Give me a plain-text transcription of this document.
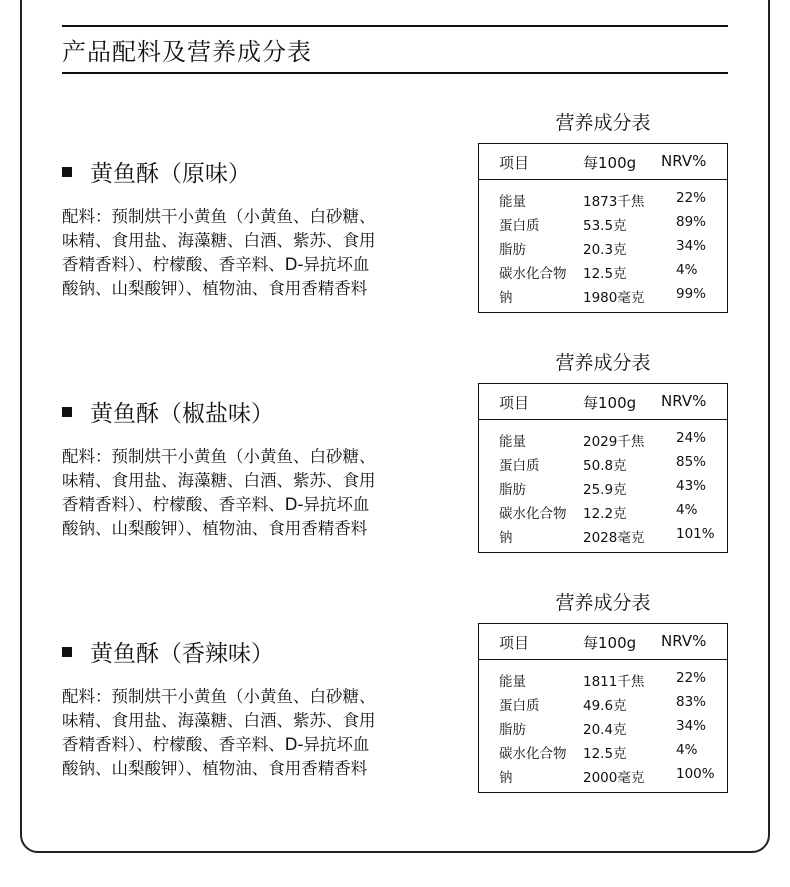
产品配料及营养成分表
黄鱼酥（原味）
配料：预制烘干小黄鱼（小黄鱼、白砂糖、
味精、食用盐、海藻糖、白酒、紫苏、食用
香精香料）、柠檬酸、香辛料、D-异抗坏血
酸钠、山梨酸钾）、植物油、食用香精香料
营养成分表
项目	每100g NRV%
能量	1873千焦 22%
蛋白质	53.5克	89%
脂肪	20.3克	34%
碳水化合物 12.5克	4%
钠	1980毫克 99%
黄鱼酥（椒盐味）
配料：预制烘干小黄鱼（小黄鱼、白砂糖、
味精、食用盐、海藻糖、白酒、紫苏、食用
香精香料）、柠檬酸、香辛料、D-异抗坏血
酸钠、山梨酸钾）、植物油、食用香精香料
营养成分表
项目	每100g NRV%
能量	2029千焦 24%
蛋白质	50.8克	85%
脂肪	25.9克	43%
碳水化合物 12.2克	4%
钠	2028毫克 101%
黄鱼酥（香辣味）
配料：预制烘干小黄鱼（小黄鱼、白砂糖、
味精、食用盐、海藻糖、白酒、紫苏、食用
香精香料）、柠檬酸、香辛料、D-异抗坏血
酸钠、山梨酸钾）、植物油、食用香精香料
营养成分表
项目	每100g NRV%
能量	1811千焦 22%
蛋白质	49.6克	83%
脂肪	20.4克	34%
碳水化合物 12.5克	4%
钠	2000毫克 100%
